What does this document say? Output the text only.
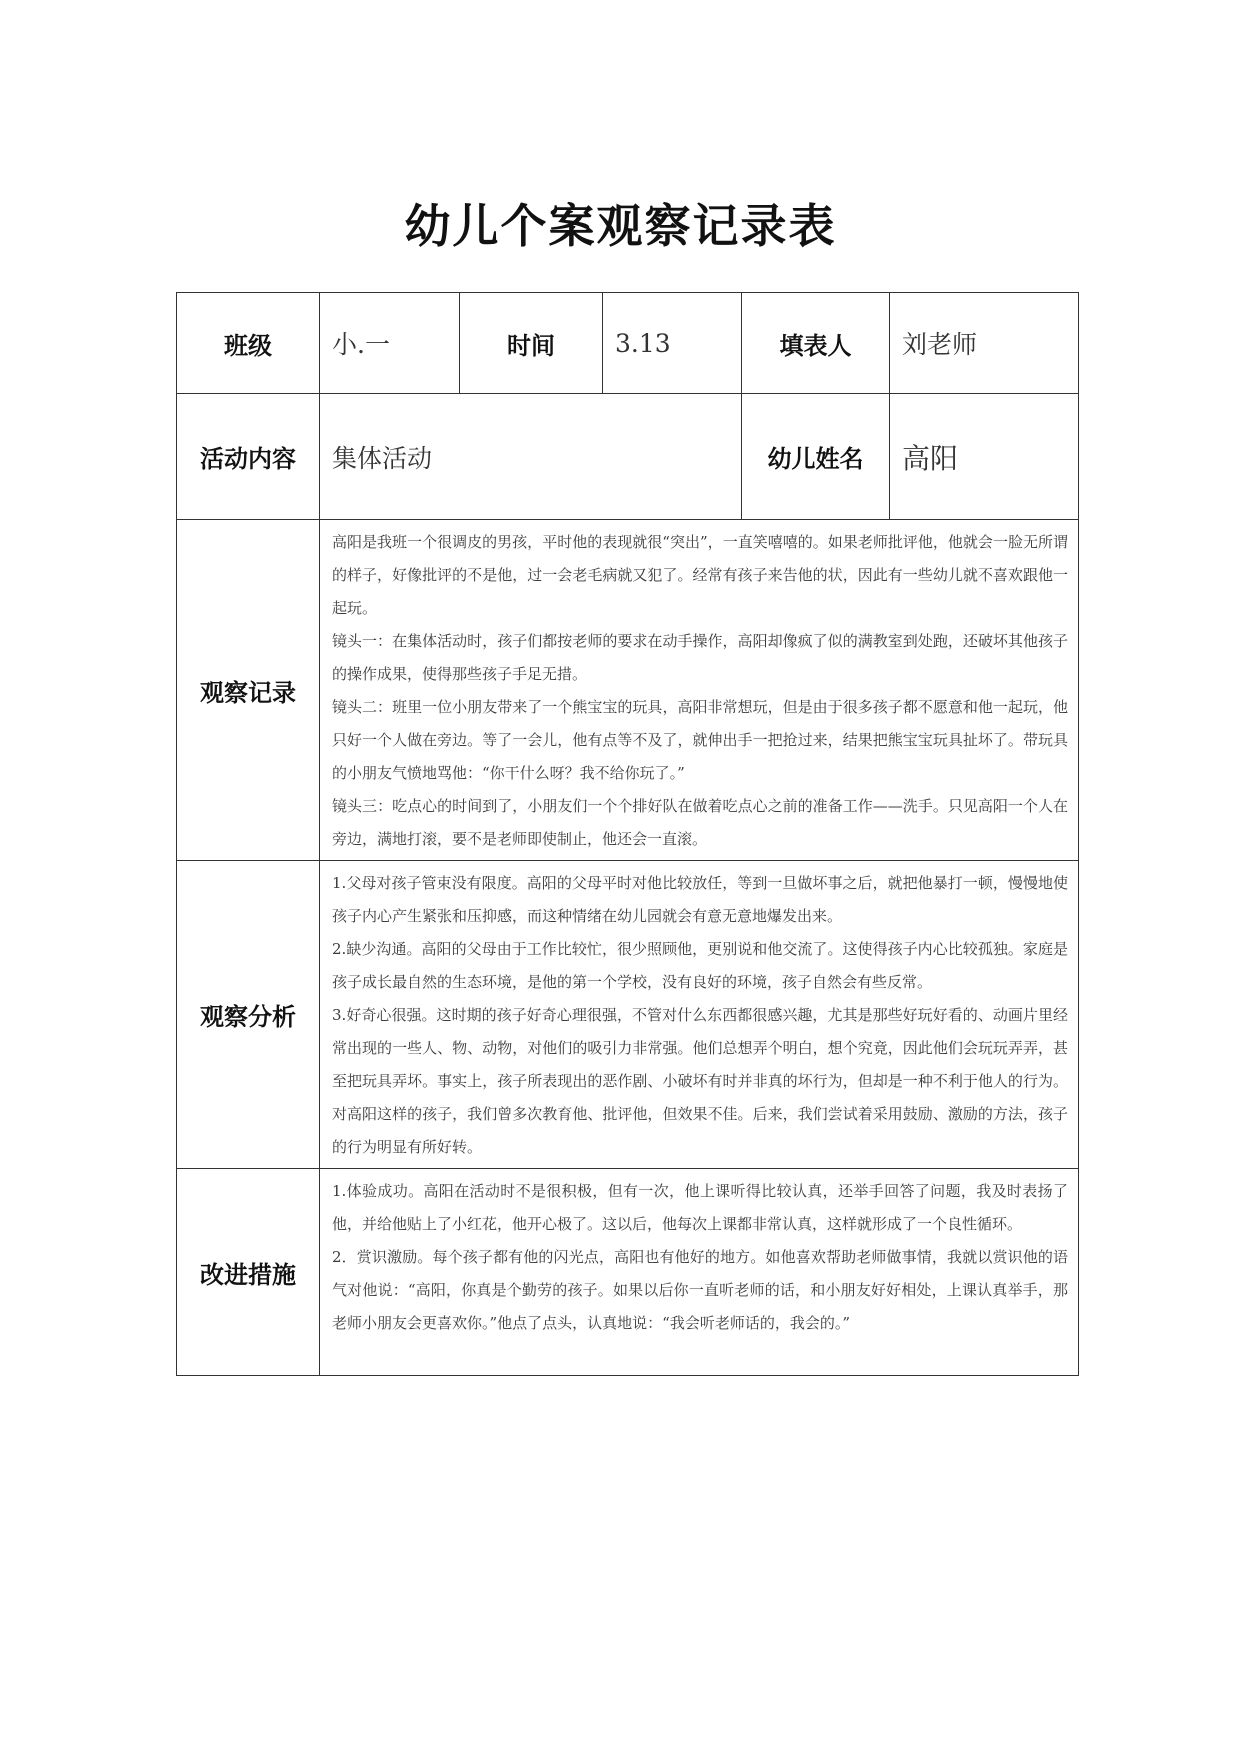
幼儿个案观察记录表
班级	小.一	时间	3.13	填表人	刘老师
活动内容	集体活动			幼儿姓名	高阳
观察记录	高阳是我班一个很调皮的男孩，平时他的表现就很“突出”，一直笑嘻嘻的。如果老师批评他，他就会一脸无所谓的样子，好像批评的不是他，过一会老毛病就又犯了。经常有孩子来告他的状，因此有一些幼儿就不喜欢跟他一起玩。

镜头一：在集体活动时，孩子们都按老师的要求在动手操作，高阳却像疯了似的满教室到处跑，还破坏其他孩子的操作成果，使得那些孩子手足无措。

镜头二：班里一位小朋友带来了一个熊宝宝的玩具，高阳非常想玩，但是由于很多孩子都不愿意和他一起玩，他只好一个人做在旁边。等了一会儿，他有点等不及了，就伸出手一把抢过来，结果把熊宝宝玩具扯坏了。带玩具的小朋友气愤地骂他：“你干什么呀？我不给你玩了。”

镜头三：吃点心的时间到了，小朋友们一个个排好队在做着吃点心之前的准备工作——洗手。只见高阳一个人在旁边，满地打滚，要不是老师即使制止，他还会一直滚。				

观察分析	1.父母对孩子管束没有限度。高阳的父母平时对他比较放任，等到一旦做坏事之后，就把他暴打一顿，慢慢地使孩子内心产生紧张和压抑感，而这种情绪在幼儿园就会有意无意地爆发出来。

2.缺少沟通。高阳的父母由于工作比较忙，很少照顾他，更别说和他交流了。这使得孩子内心比较孤独。家庭是孩子成长最自然的生态环境，是他的第一个学校，没有良好的环境，孩子自然会有些反常。

3.好奇心很强。这时期的孩子好奇心理很强，不管对什么东西都很感兴趣，尤其是那些好玩好看的、动画片里经常出现的一些人、物、动物，对他们的吸引力非常强。他们总想弄个明白，想个究竟，因此他们会玩玩弄弄，甚至把玩具弄坏。事实上，孩子所表现出的恶作剧、小破坏有时并非真的坏行为，但却是一种不利于他人的行为。对高阳这样的孩子，我们曾多次教育他、批评他，但效果不佳。后来，我们尝试着采用鼓励、激励的方法，孩子的行为明显有所好转。				

改进措施	1.体验成功。高阳在活动时不是很积极，但有一次，他上课听得比较认真，还举手回答了问题，我及时表扬了他，并给他贴上了小红花，他开心极了。这以后，他每次上课都非常认真，这样就形成了一个良性循环。

2．赏识激励。每个孩子都有他的闪光点，高阳也有他好的地方。如他喜欢帮助老师做事情，我就以赏识他的语气对他说：“高阳，你真是个勤劳的孩子。如果以后你一直听老师的话，和小朋友好好相处，上课认真举手，那老师小朋友会更喜欢你。”他点了点头，认真地说：“我会听老师话的，我会的。”				
